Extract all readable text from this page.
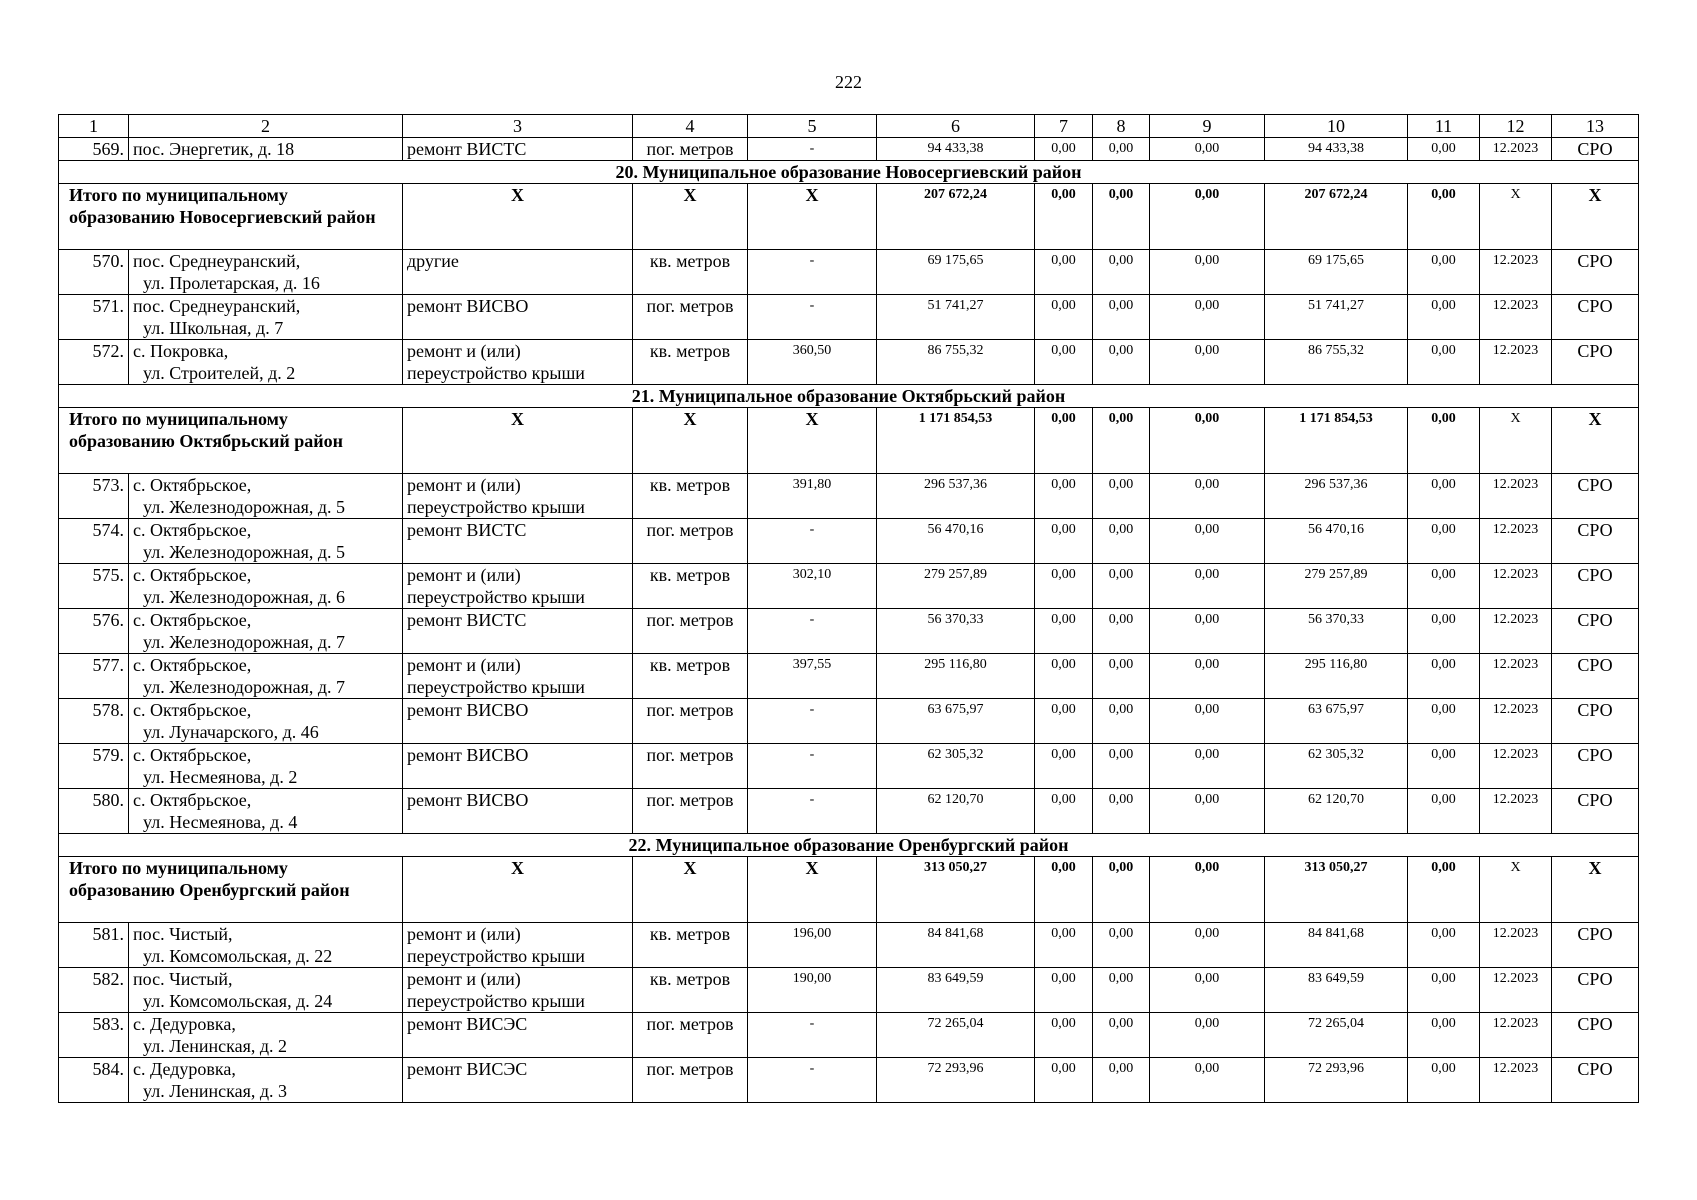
222
1	2	3	4	5	6	7	8	9	10	11	12	13
569.	пос. Энергетик, д. 18	ремонт ВИСТС	пог. метров	-	94 433,38	0,00	0,00	0,00	94 433,38	0,00	12.2023	СРО
20. Муниципальное образование Новосергиевский район												
Итого по муниципальному образованию Новосергиевский район		Х	Х	Х	207 672,24	0,00	0,00	0,00	207 672,24	0,00	Х	Х
570.	пос. Среднеуранский,
ул. Пролетарская, д. 16	другие	кв. метров	-	69 175,65	0,00	0,00	0,00	69 175,65	0,00	12.2023	СРО
571.	пос. Среднеуранский,
ул. Школьная, д. 7	ремонт ВИСВО	пог. метров	-	51 741,27	0,00	0,00	0,00	51 741,27	0,00	12.2023	СРО
572.	с. Покровка,
ул. Строителей, д. 2	ремонт и (или) переустройство крыши	кв. метров	360,50	86 755,32	0,00	0,00	0,00	86 755,32	0,00	12.2023	СРО
21. Муниципальное образование Октябрьский район												
Итого по муниципальному образованию Октябрьский район		Х	Х	Х	1 171 854,53	0,00	0,00	0,00	1 171 854,53	0,00	Х	Х
573.	с. Октябрьское,
ул. Железнодорожная, д. 5	ремонт и (или) переустройство крыши	кв. метров	391,80	296 537,36	0,00	0,00	0,00	296 537,36	0,00	12.2023	СРО
574.	с. Октябрьское,
ул. Железнодорожная, д. 5	ремонт ВИСТС	пог. метров	-	56 470,16	0,00	0,00	0,00	56 470,16	0,00	12.2023	СРО
575.	с. Октябрьское,
ул. Железнодорожная, д. 6	ремонт и (или) переустройство крыши	кв. метров	302,10	279 257,89	0,00	0,00	0,00	279 257,89	0,00	12.2023	СРО
576.	с. Октябрьское,
ул. Железнодорожная, д. 7	ремонт ВИСТС	пог. метров	-	56 370,33	0,00	0,00	0,00	56 370,33	0,00	12.2023	СРО
577.	с. Октябрьское,
ул. Железнодорожная, д. 7	ремонт и (или) переустройство крыши	кв. метров	397,55	295 116,80	0,00	0,00	0,00	295 116,80	0,00	12.2023	СРО
578.	с. Октябрьское,
ул. Луначарского, д. 46	ремонт ВИСВО	пог. метров	-	63 675,97	0,00	0,00	0,00	63 675,97	0,00	12.2023	СРО
579.	с. Октябрьское,
ул. Несмеянова, д. 2	ремонт ВИСВО	пог. метров	-	62 305,32	0,00	0,00	0,00	62 305,32	0,00	12.2023	СРО
580.	с. Октябрьское,
ул. Несмеянова, д. 4	ремонт ВИСВО	пог. метров	-	62 120,70	0,00	0,00	0,00	62 120,70	0,00	12.2023	СРО
22. Муниципальное образование Оренбургский район												
Итого по муниципальному образованию Оренбургский район		Х	Х	Х	313 050,27	0,00	0,00	0,00	313 050,27	0,00	Х	Х
581.	пос. Чистый,
ул. Комсомольская, д. 22	ремонт и (или) переустройство крыши	кв. метров	196,00	84 841,68	0,00	0,00	0,00	84 841,68	0,00	12.2023	СРО
582.	пос. Чистый,
ул. Комсомольская, д. 24	ремонт и (или) переустройство крыши	кв. метров	190,00	83 649,59	0,00	0,00	0,00	83 649,59	0,00	12.2023	СРО
583.	с. Дедуровка,
ул. Ленинская, д. 2	ремонт ВИСЭС	пог. метров	-	72 265,04	0,00	0,00	0,00	72 265,04	0,00	12.2023	СРО
584.	с. Дедуровка,
ул. Ленинская, д. 3	ремонт ВИСЭС	пог. метров	-	72 293,96	0,00	0,00	0,00	72 293,96	0,00	12.2023	СРО
